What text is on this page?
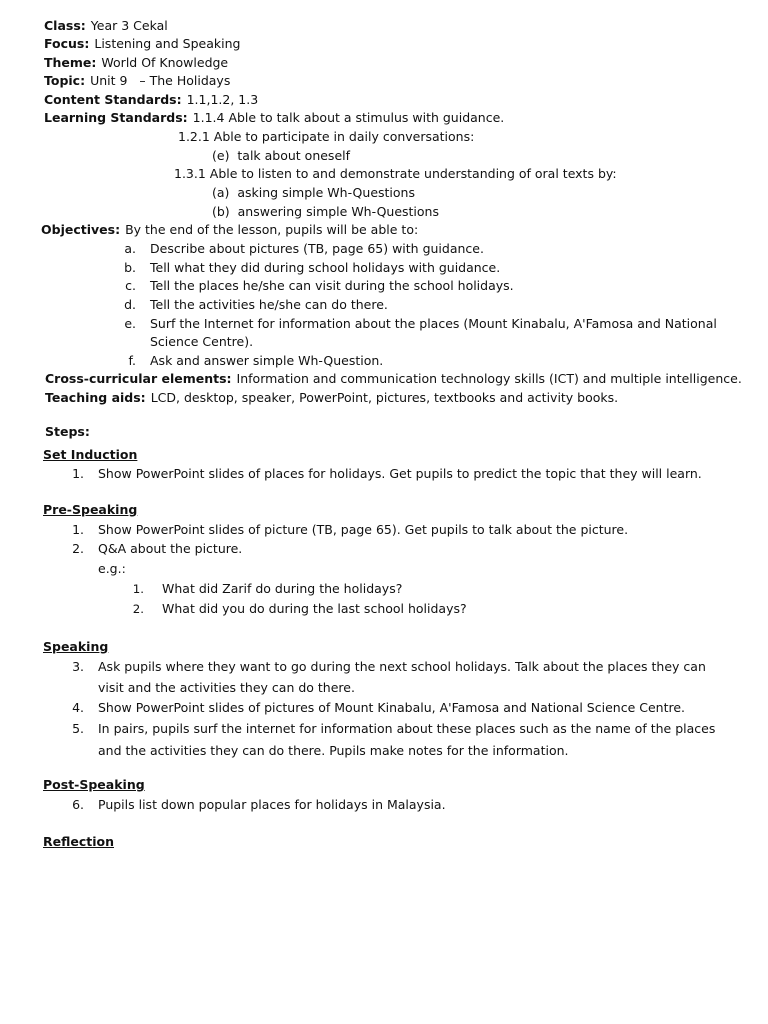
Class: Year 3 Cekal
Focus: Listening and Speaking
Theme: World Of Knowledge
Topic: Unit 9   – The Holidays
Content Standards: 1.1,1.2, 1.3
Learning Standards: 1.1.4 Able to talk about a stimulus with guidance.
1.2.1 Able to participate in daily conversations:
(e)  talk about oneself
1.3.1 Able to listen to and demonstrate understanding of oral texts by:
(a)  asking simple Wh-Questions
(b)  answering simple Wh-Questions
Objectives: By the end of the lesson, pupils will be able to:
a. Describe about pictures (TB, page 65) with guidance.
b. Tell what they did during school holidays with guidance.
c. Tell the places he/she can visit during the school holidays.
d. Tell the activities he/she can do there.
e. Surf the Internet for information about the places (Mount Kinabalu, A'Famosa and National
Science Centre).
f. Ask and answer simple Wh-Question.
Cross-curricular elements: Information and communication technology skills (ICT) and multiple intelligence.
Teaching aids: LCD, desktop, speaker, PowerPoint, pictures, textbooks and activity books.
Steps:
Set Induction
1. Show PowerPoint slides of places for holidays. Get pupils to predict the topic that they will learn.
Pre-Speaking
1. Show PowerPoint slides of picture (TB, page 65). Get pupils to talk about the picture.
2. Q&A about the picture.
e.g.:
1. What did Zarif do during the holidays?
2. What did you do during the last school holidays?
Speaking
3. Ask pupils where they want to go during the next school holidays. Talk about the places they can
visit and the activities they can do there.
4. Show PowerPoint slides of pictures of Mount Kinabalu, A'Famosa and National Science Centre.
5. In pairs, pupils surf the internet for information about these places such as the name of the places
and the activities they can do there. Pupils make notes for the information.
Post-Speaking
6. Pupils list down popular places for holidays in Malaysia.
Reflection
